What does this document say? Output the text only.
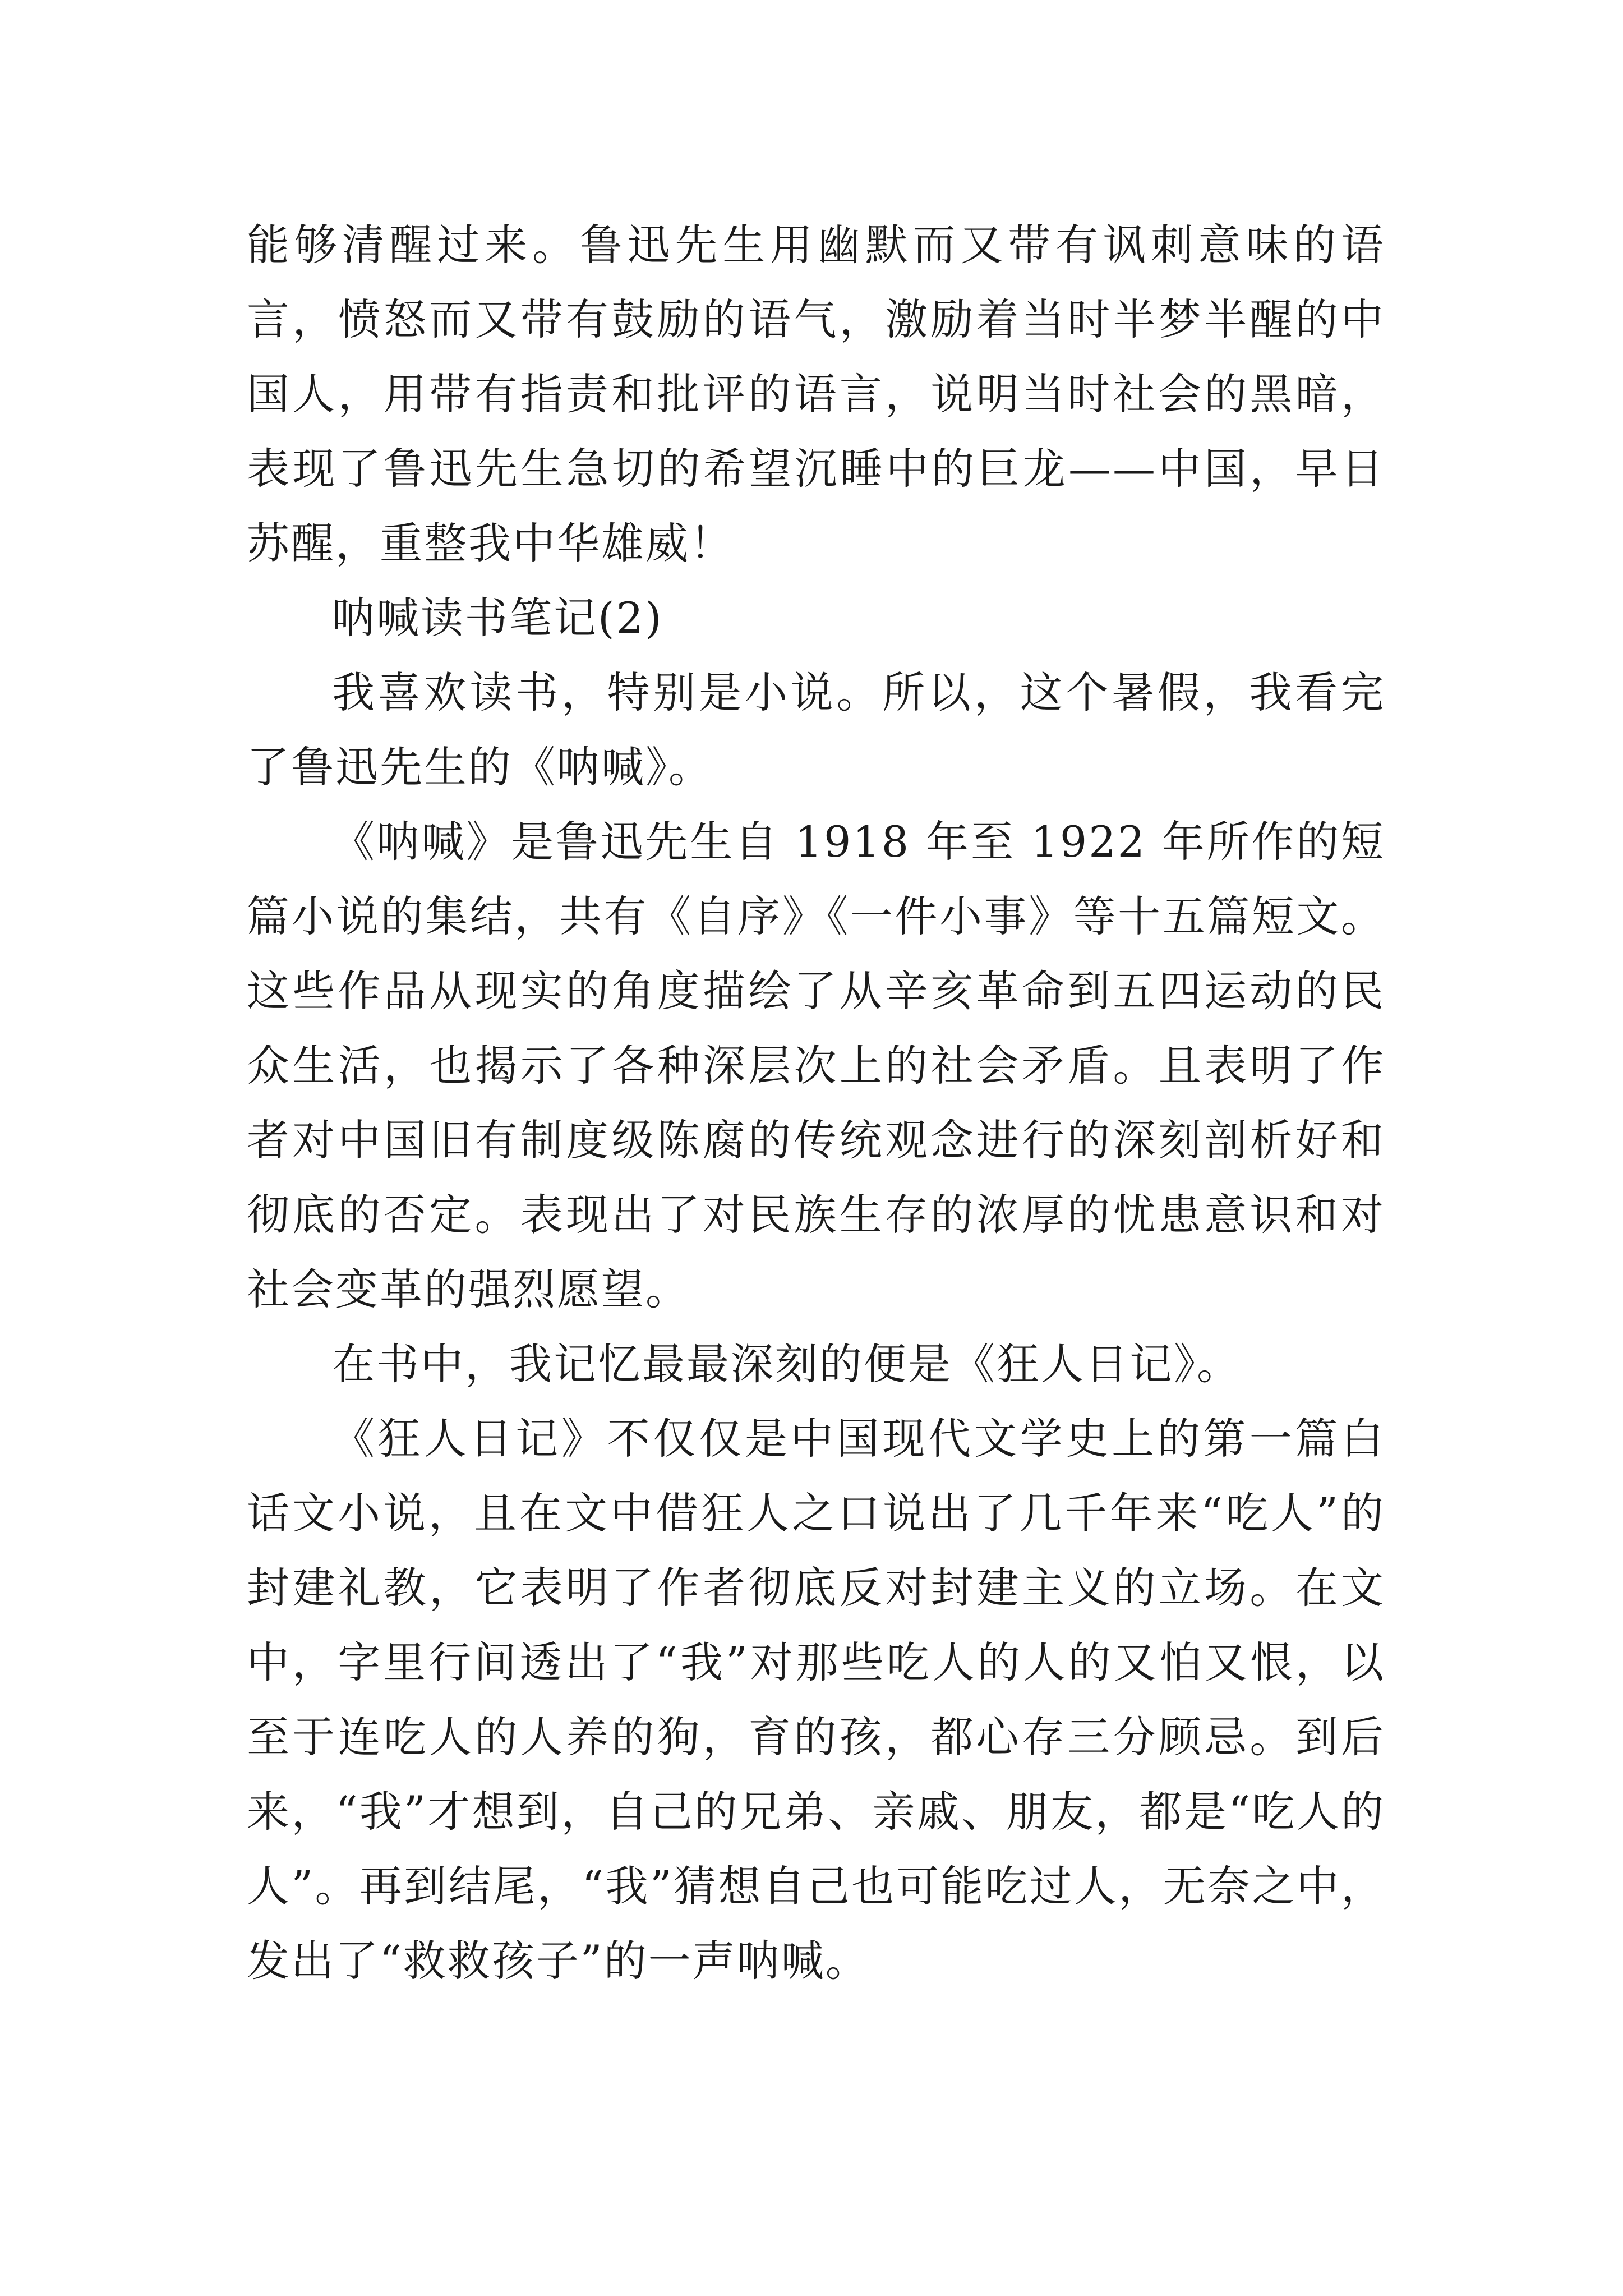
能够清醒过来。鲁迅先生用幽默而又带有讽刺意味的语言，愤怒而又带有鼓励的语气，激励着当时半梦半醒的中国人，用带有指责和批评的语言，说明当时社会的黑暗，表现了鲁迅先生急切的希望沉睡中的巨龙——中国，早日苏醒，重整我中华雄威！

呐喊读书笔记(2)

我喜欢读书，特别是小说。所以，这个暑假，我看完了鲁迅先生的《呐喊》。

《呐喊》是鲁迅先生自 1918 年至 1922 年所作的短篇小说的集结，共有《自序》《一件小事》等十五篇短文。这些作品从现实的角度描绘了从辛亥革命到五四运动的民众生活，也揭示了各种深层次上的社会矛盾。且表明了作者对中国旧有制度级陈腐的传统观念进行的深刻剖析好和彻底的否定。表现出了对民族生存的浓厚的忧患意识和对社会变革的强烈愿望。

在书中，我记忆最最深刻的便是《狂人日记》。

《狂人日记》不仅仅是中国现代文学史上的第一篇白话文小说，且在文中借狂人之口说出了几千年来“吃人”的封建礼教，它表明了作者彻底反对封建主义的立场。在文中，字里行间透出了“我”对那些吃人的人的又怕又恨，以至于连吃人的人养的狗，育的孩，都心存三分顾忌。到后来，“我”才想到，自己的兄弟、亲戚、朋友，都是“吃人的人”。再到结尾，“我”猜想自己也可能吃过人，无奈之中，发出了“救救孩子”的一声呐喊。
